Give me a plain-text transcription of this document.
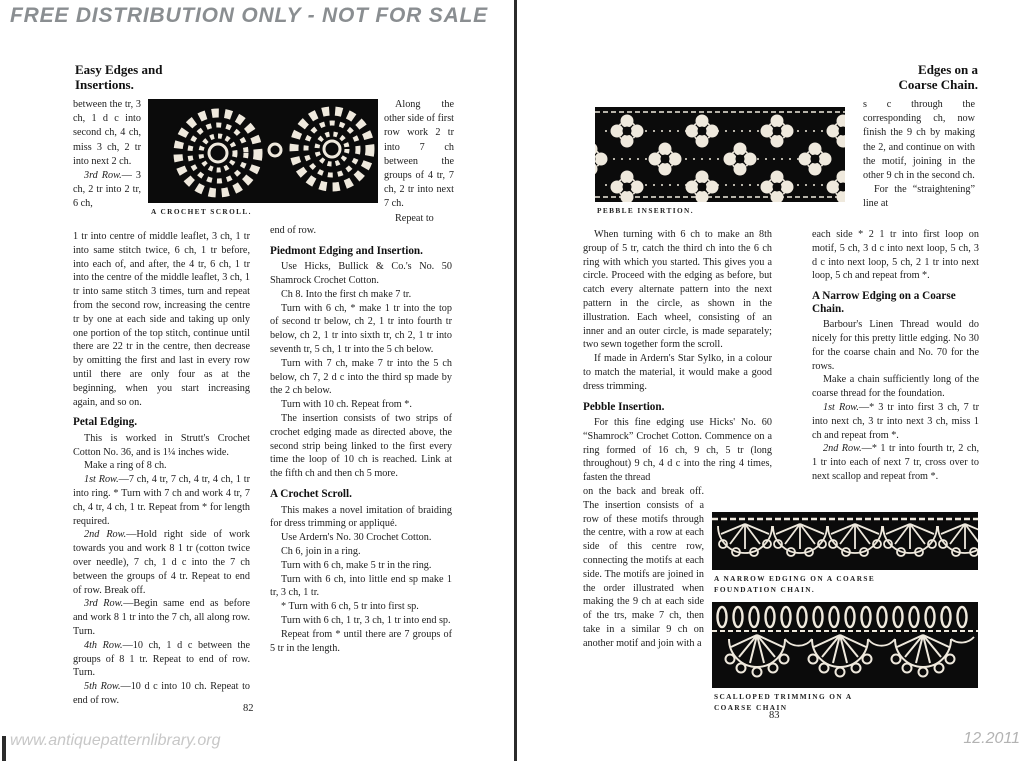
FREE DISTRIBUTION ONLY - NOT FOR SALE
Easy Edges and Insertions.

between the tr, 3 ch, 1 d c into second ch, 4 ch, miss 3 ch, 2 tr into next 2 ch.

3rd Row.— 3 ch, 2 tr into 2 tr, 6 ch,

A CROCHET SCROLL.

Along the other side of first row work 2 tr into 7 ch between the groups of 4 tr, 7 ch, 2 tr into next 7 ch.

Repeat to

1 tr into centre of middle leaflet, 3 ch, 1 tr into same stitch twice, 6 ch, 1 tr before, into each of, and after, the 4 tr, 6 ch, 1 tr into the centre of the middle leaflet, 3 ch, 1 tr into same stitch 3 times, turn and repeat from the second row, increasing the centre tr by one at each side and taking up only one portion of the top stitch, continue until there are 22 tr in the centre, then decrease by omitting the first and last in every row until there are only four as at the beginning, when you start increasing again, and so on.

Petal Edging.

This is worked in Strutt's Crochet Cotton No. 36, and is 1¼ inches wide.

Make a ring of 8 ch.

1st Row.—7 ch, 4 tr, 7 ch, 4 tr, 4 ch, 1 tr into ring. * Turn with 7 ch and work 4 tr, 7 ch, 4 tr, 4 ch, 1 tr. Repeat from * for length required.

2nd Row.—Hold right side of work towards you and work 8 1 tr (cotton twice over needle), 7 ch, 1 d c into the 7 ch between the groups of 4 tr. Repeat to end of row. Break off.

3rd Row.—Begin same end as before and work 8 1 tr into the 7 ch, all along row. Turn.

4th Row.—10 ch, 1 d c between the groups of 8 1 tr. Repeat to end of row. Turn.

5th Row.—10 d c into 10 ch. Repeat to end of row.

end of row.

Piedmont Edging and Insertion.

Use Hicks, Bullick & Co.'s No. 50 Shamrock Crochet Cotton.

Ch 8. Into the first ch make 7 tr.

Turn with 6 ch, * make 1 tr into the top of second tr below, ch 2, 1 tr into fourth tr below, ch 2, 1 tr into sixth tr, ch 2, 1 tr into seventh tr, 5 ch, 1 tr into the 5 ch below.

Turn with 7 ch, make 7 tr into the 5 ch below, ch 7, 2 d c into the third sp made by the 2 ch below.

Turn with 10 ch. Repeat from *.

The insertion consists of two strips of crochet edging made as directed above, the second strip being linked to the first every time the loop of 10 ch is reached. Link at the fifth ch and then ch 5 more.

A Crochet Scroll.

This makes a novel imitation of braiding for dress trimming or appliqué.

Use Ardern's No. 30 Crochet Cotton.

Ch 6, join in a ring.

Turn with 6 ch, make 5 tr in the ring.

Turn with 6 ch, into little end sp make 1 tr, 3 ch, 1 tr.

* Turn with 6 ch, 5 tr into first sp.

Turn with 6 ch, 1 tr, 3 ch, 1 tr into end sp.

Repeat from * until there are 7 groups of 5 tr in the length.

82
Edges on a Coarse Chain.
PEBBLE INSERTION.

s c through the corresponding ch, now finish the 9 ch by making the 2, and continue on with the motif, joining in the other 9 ch in the second ch.

For the “straightening” line at

When turning with 6 ch to make an 8th group of 5 tr, catch the third ch into the 6 ch ring with which you started. This gives you a circle. Proceed with the edging as before, but catch every alternate pattern into the next pattern in the circle, as shown in the illustration. Each wheel, consisting of an inner and an outer circle, is made separately; two sewn together form the scroll.

If made in Ardern's Star Sylko, in a colour to match the material, it would make a good dress trimming.

Pebble Insertion.

For this fine edging use Hicks' No. 60 “Shamrock” Crochet Cotton. Commence on a ring formed of 16 ch, 9 ch, 5 tr (long throughout) 9 ch, 4 d c into the ring 4 times, fasten the thread

on the back and break off. The insertion consists of a row of these motifs through the centre, with a row at each side of this centre row, connecting the motifs at each side. The motifs are joined in the order illustrated when making the 9 ch at each side of the trs, make 7 ch, then take in a similar 9 ch on another motif and join with a

each side * 2 1 tr into first loop on motif, 5 ch, 3 d c into next loop, 5 ch, 3 d c into next loop, 5 ch, 2 1 tr into next loop, 5 ch and repeat from *.

A Narrow Edging on a Coarse Chain.

Barbour's Linen Thread would do nicely for this pretty little edging. No 30 for the coarse chain and No. 70 for the rows.

Make a chain sufficiently long of the coarse thread for the foundation.

1st Row.—* 3 tr into first 3 ch, 7 tr into next ch, 3 tr into next 3 ch, miss 1 ch and repeat from *.

2nd Row.—* 1 tr into fourth tr, 2 ch, 1 tr into each of next 7 tr, cross over to next scallop and repeat from *.

A NARROW EDGING ON A COARSE FOUNDATION CHAIN.
SCALLOPED TRIMMING ON A COARSE CHAIN
83
www.antiquepatternlibrary.org	12.2011
